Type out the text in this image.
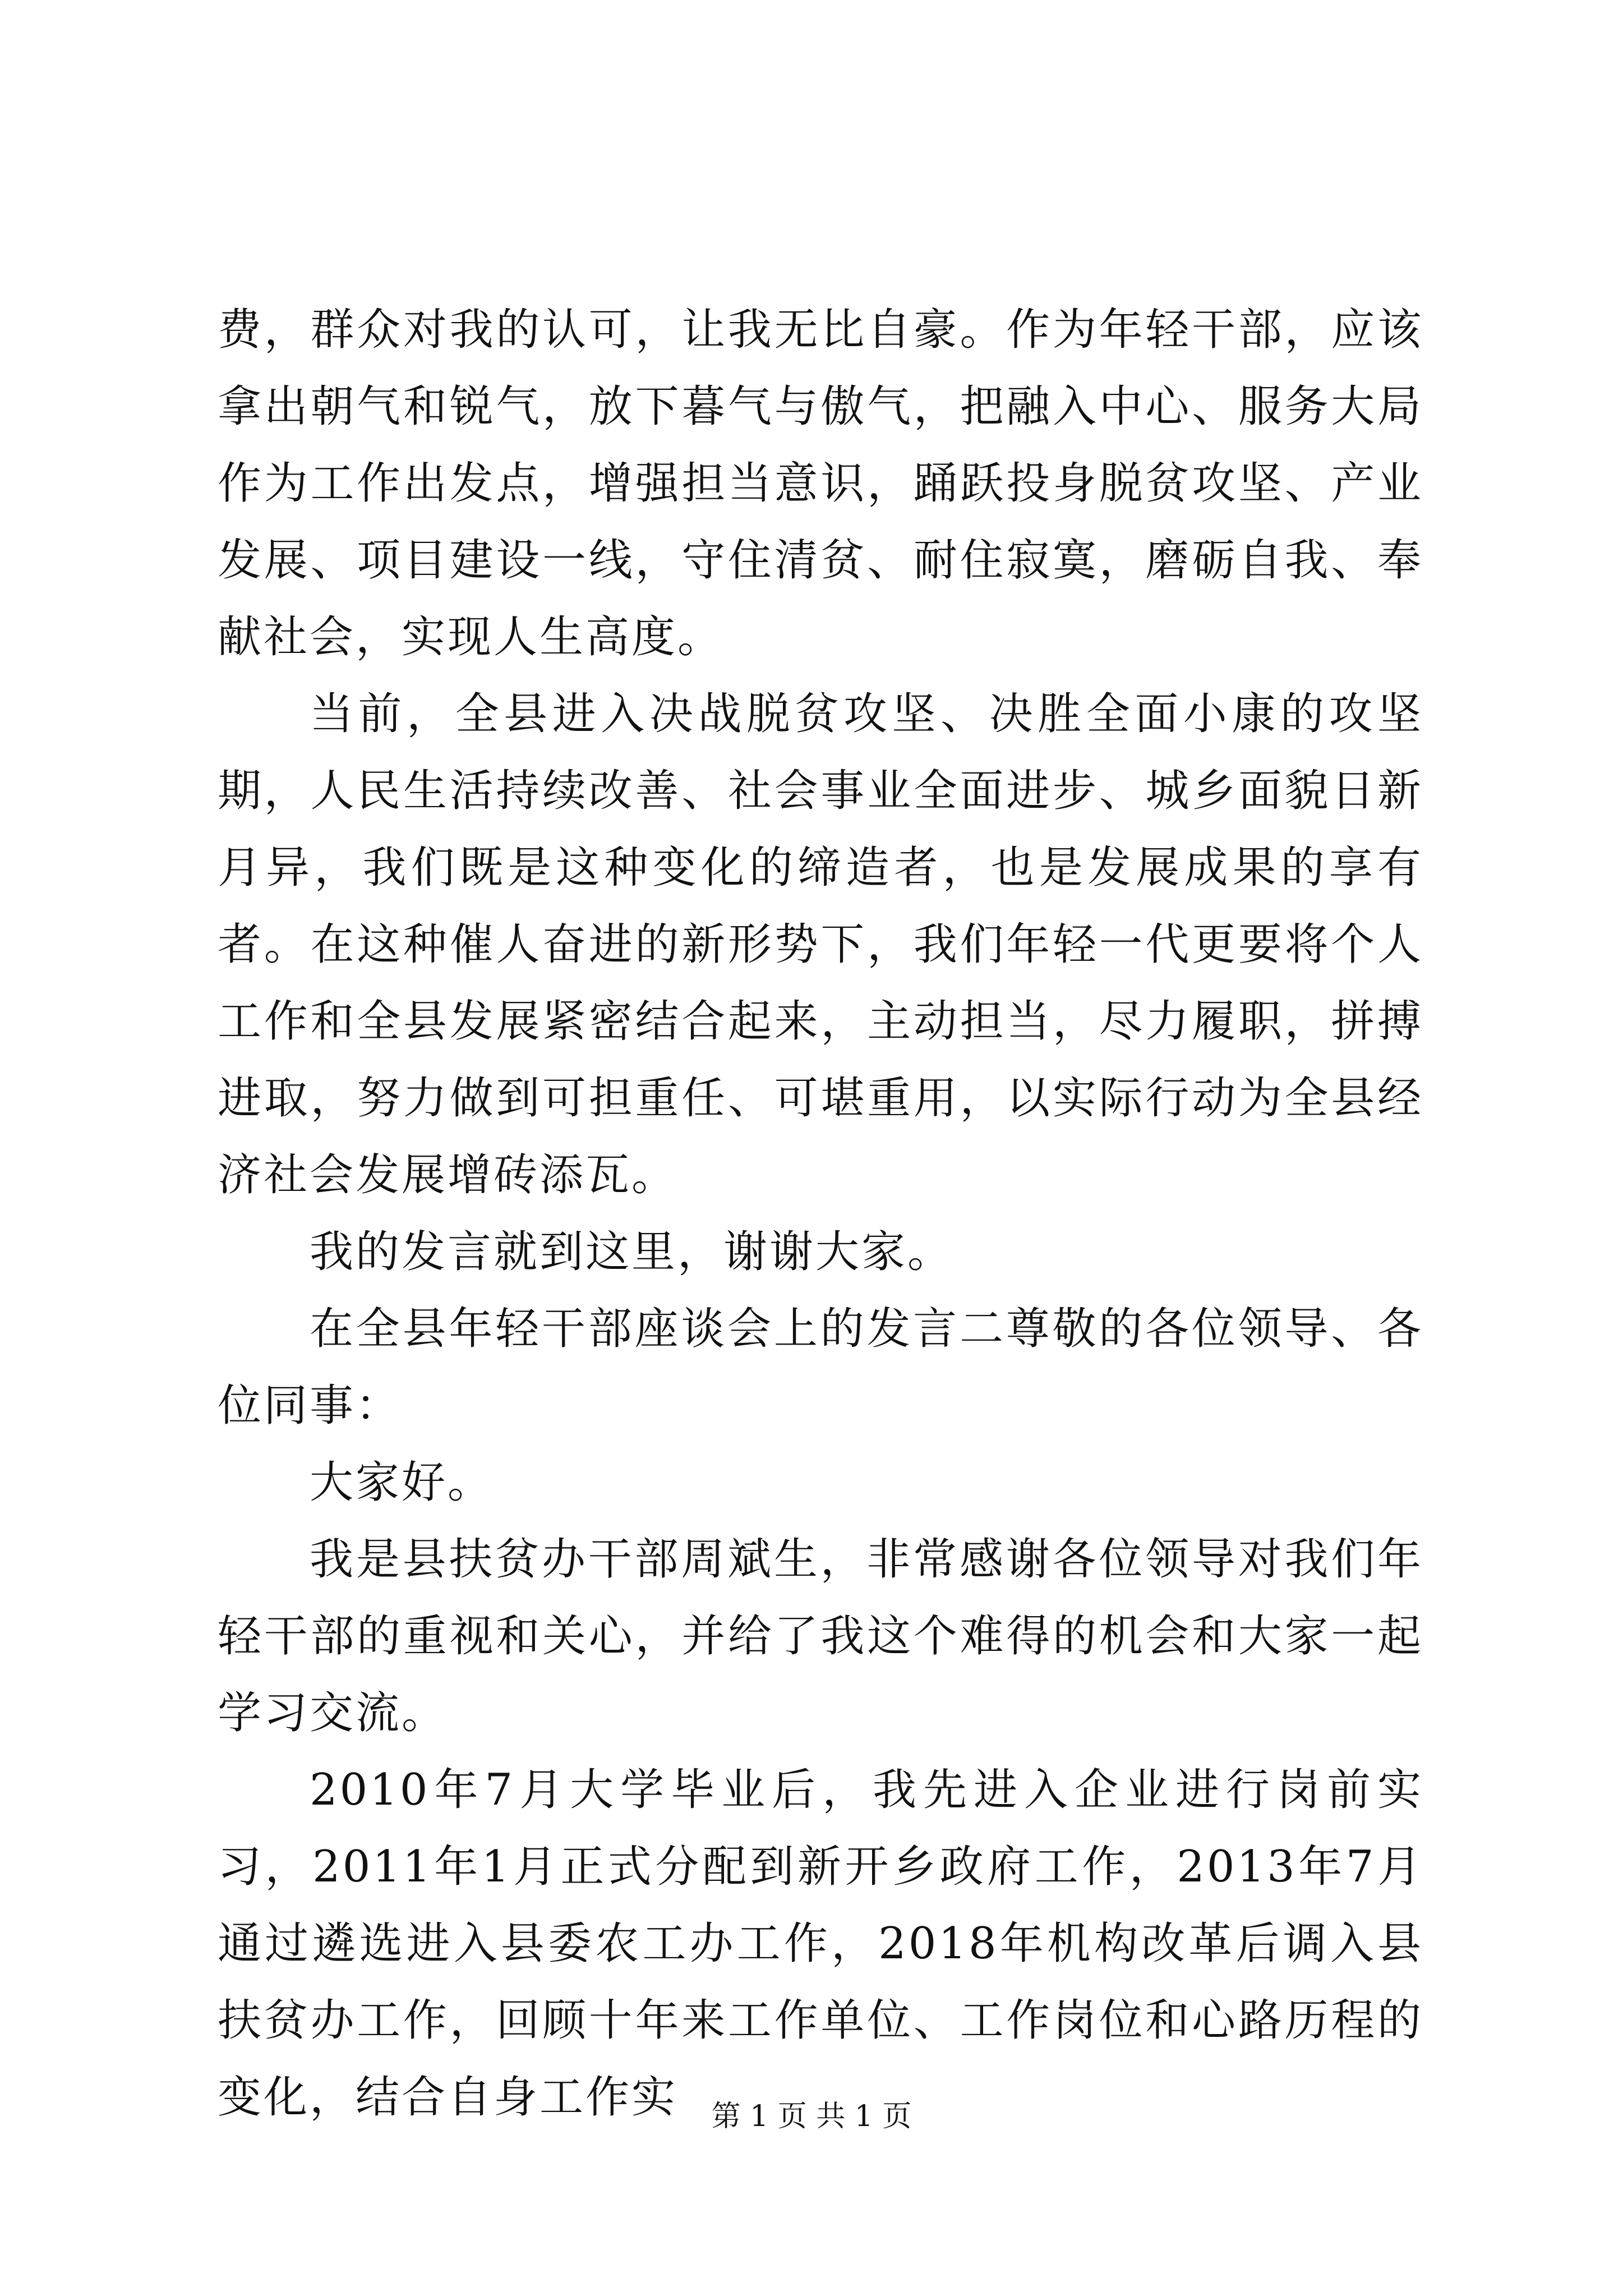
费，群众对我的认可，让我无比自豪。作为年轻干部，应该拿出朝气和锐气，放下暮气与傲气，把融入中心、服务大局作为工作出发点，增强担当意识，踊跃投身脱贫攻坚、产业发展、项目建设一线，守住清贫、耐住寂寞，磨砺自我、奉献社会，实现人生高度。

当前，全县进入决战脱贫攻坚、决胜全面小康的攻坚期，人民生活持续改善、社会事业全面进步、城乡面貌日新月异，我们既是这种变化的缔造者，也是发展成果的享有者。在这种催人奋进的新形势下，我们年轻一代更要将个人工作和全县发展紧密结合起来，主动担当，尽力履职，拼搏进取，努力做到可担重任、可堪重用，以实际行动为全县经济社会发展增砖添瓦。

我的发言就到这里，谢谢大家。

在全县年轻干部座谈会上的发言二尊敬的各位领导、各位同事：

大家好。

我是县扶贫办干部周斌生，非常感谢各位领导对我们年轻干部的重视和关心，并给了我这个难得的机会和大家一起学习交流。

2010年7月大学毕业后，我先进入企业进行岗前实习，2011年1月正式分配到新开乡政府工作，2013年7月通过遴选进入县委农工办工作，2018年机构改革后调入县扶贫办工作，回顾十年来工作单位、工作岗位和心路历程的变化，结合自身工作实	第 1 页 共 1 页
